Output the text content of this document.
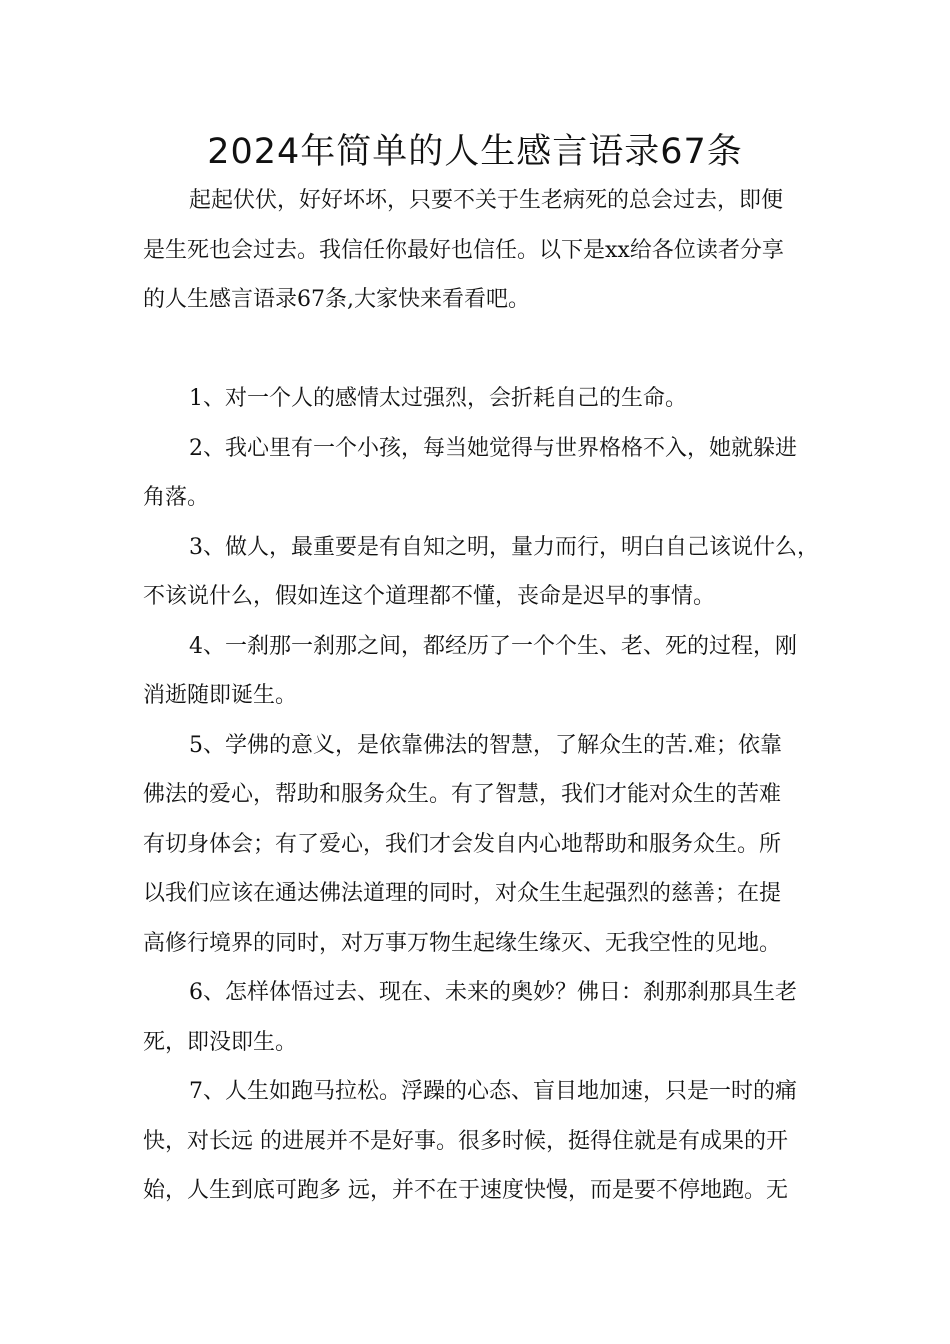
2024年简单的人生感言语录67条
起起伏伏，好好坏坏，只要不关于生老病死的总会过去，即便
是生死也会过去。我信任你最好也信任。以下是xx给各位读者分享
的人生感言语录67条,大家快来看看吧。
1、对一个人的感情太过强烈，会折耗自己的生命。
2、我心里有一个小孩，每当她觉得与世界格格不入，她就躲进
角落。
3、做人，最重要是有自知之明，量力而行，明白自己该说什么，
不该说什么，假如连这个道理都不懂，丧命是迟早的事情。
4、一刹那一刹那之间，都经历了一个个生、老、死的过程，刚
消逝随即诞生。
5、学佛的意义，是依靠佛法的智慧，了解众生的苦.难；依靠
佛法的爱心，帮助和服务众生。有了智慧，我们才能对众生的苦难
有切身体会；有了爱心，我们才会发自内心地帮助和服务众生。所
以我们应该在通达佛法道理的同时，对众生生起强烈的慈善；在提
高修行境界的同时，对万事万物生起缘生缘灭、无我空性的见地。
6、怎样体悟过去、现在、未来的奥妙？佛日：刹那刹那具生老
死，即没即生。
7、人生如跑马拉松。浮躁的心态、盲目地加速，只是一时的痛
快，对长远 的进展并不是好事。很多时候，挺得住就是有成果的开
始，人生到底可跑多 远，并不在于速度快慢，而是要不停地跑。无
